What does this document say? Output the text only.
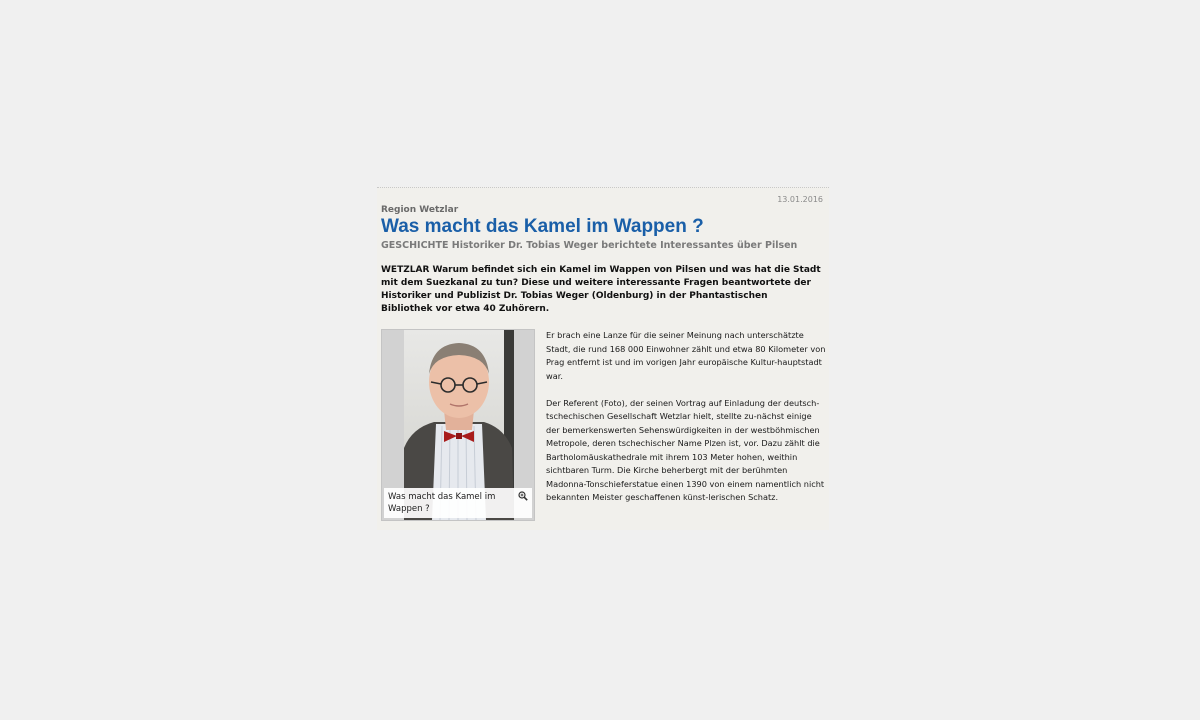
13.01.2016
Region Wetzlar
Was macht das Kamel im Wappen ?
GESCHICHTE Historiker Dr. Tobias Weger berichtete Interessantes über Pilsen

WETZLAR Warum befindet sich ein Kamel im Wappen von Pilsen und was hat die Stadt mit dem Suezkanal zu tun? Diese und weitere interessante Fragen beantwortete der Historiker und Publizist Dr. Tobias Weger (Oldenburg) in der Phantastischen Bibliothek vor etwa 40 Zuhörern.

Was macht das Kamel im Wappen ?

Er brach eine Lanze für die seiner Meinung nach unterschätzte Stadt, die rund 168 000 Einwohner zählt und etwa 80 Kilometer von Prag entfernt ist und im vorigen Jahr europäische Kultur-hauptstadt war.

Der Referent (Foto), der seinen Vortrag auf Einladung der deutsch-tschechischen Gesellschaft Wetzlar hielt, stellte zu-nächst einige der bemerkenswerten Sehenswürdigkeiten in der westböhmischen Metropole, deren tschechischer Name Plzen ist, vor. Dazu zählt die Bartholomäuskathedrale mit ihrem 103 Meter hohen, weithin sichtbaren Turm. Die Kirche beherbergt mit der berühmten Madonna-Tonschieferstatue einen 1390 von einem namentlich nicht bekannten Meister geschaffenen künst-lerischen Schatz.
